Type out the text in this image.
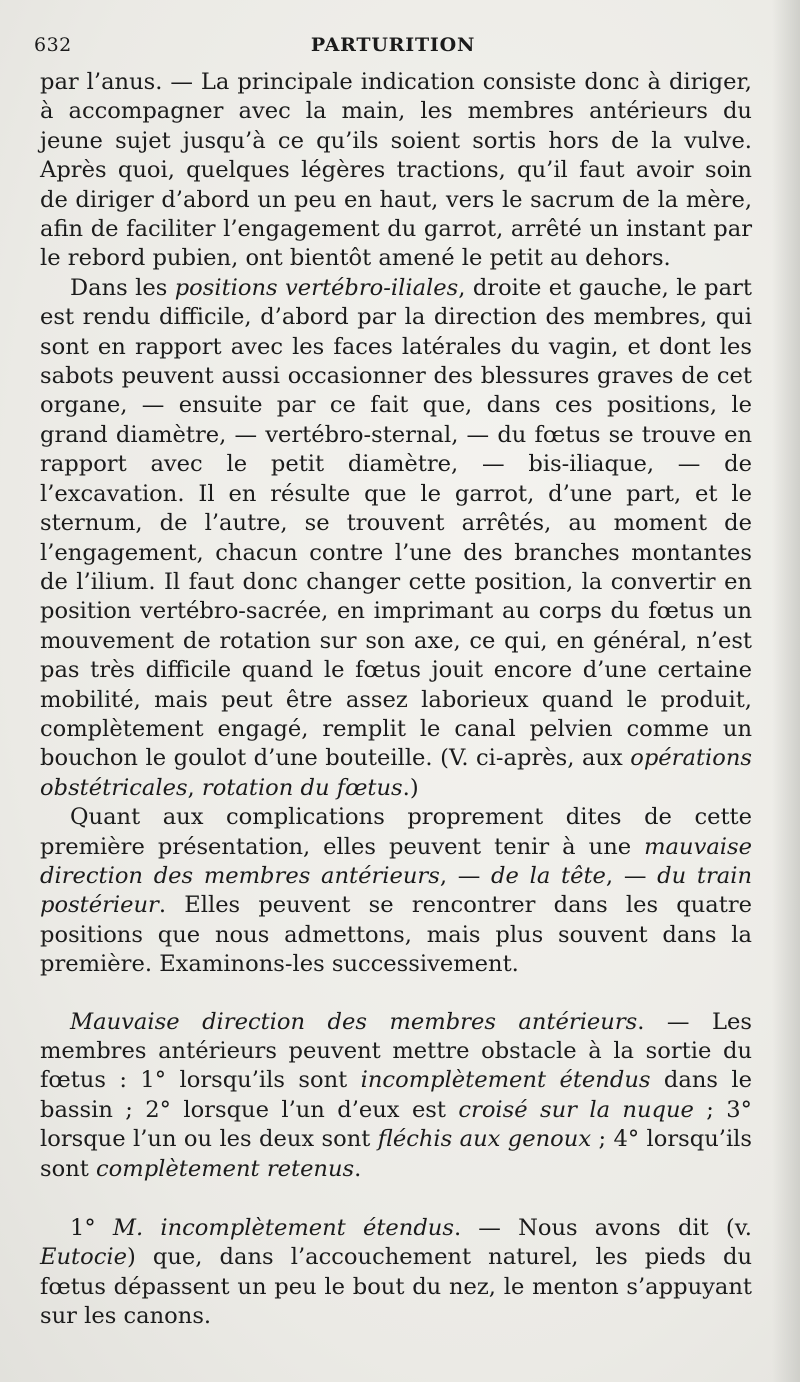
632	PARTURITION

par l’anus. — La principale indication consiste donc à diriger, à accompagner avec la main, les membres antérieurs du jeune sujet jusqu’à ce qu’ils soient sortis hors de la vulve. Après quoi, quelques légères tractions, qu’il faut avoir soin de diriger d’abord un peu en haut, vers le sacrum de la mère, afin de faciliter l’engagement du garrot, arrêté un instant par le rebord pubien, ont bientôt amené le petit au dehors.

Dans les positions vertébro-iliales, droite et gauche, le part est rendu difficile, d’abord par la direction des membres, qui sont en rapport avec les faces latérales du vagin, et dont les sabots peuvent aussi occasionner des blessures graves de cet organe, — ensuite par ce fait que, dans ces positions, le grand diamètre, — vertébro-sternal, — du fœtus se trouve en rapport avec le petit diamètre, — bis-iliaque, — de l’excavation. Il en résulte que le garrot, d’une part, et le sternum, de l’autre, se trouvent arrêtés, au moment de l’engagement, chacun contre l’une des branches montantes de l’ilium. Il faut donc changer cette position, la convertir en position vertébro-sacrée, en imprimant au corps du fœtus un mouvement de rotation sur son axe, ce qui, en général, n’est pas très difficile quand le fœtus jouit encore d’une certaine mobilité, mais peut être assez laborieux quand le produit, complètement engagé, remplit le canal pelvien comme un bouchon le goulot d’une bouteille. (V. ci-après, aux opérations obstétricales, rotation du fœtus.)

Quant aux complications proprement dites de cette première présentation, elles peuvent tenir à une mauvaise direction des membres antérieurs, — de la tête, — du train postérieur. Elles peuvent se rencontrer dans les quatre positions que nous admettons, mais plus souvent dans la première. Examinons-les successivement.

Mauvaise direction des membres antérieurs. — Les membres antérieurs peuvent mettre obstacle à la sortie du fœtus : 1° lorsqu’ils sont incomplètement étendus dans le bassin ; 2° lorsque l’un d’eux est croisé sur la nuque ; 3° lorsque l’un ou les deux sont fléchis aux genoux ; 4° lorsqu’ils sont complètement retenus.

1° M. incomplètement étendus. — Nous avons dit (v. Eutocie) que, dans l’accouchement naturel, les pieds du fœtus dépassent un peu le bout du nez, le menton s’appuyant sur les canons.
